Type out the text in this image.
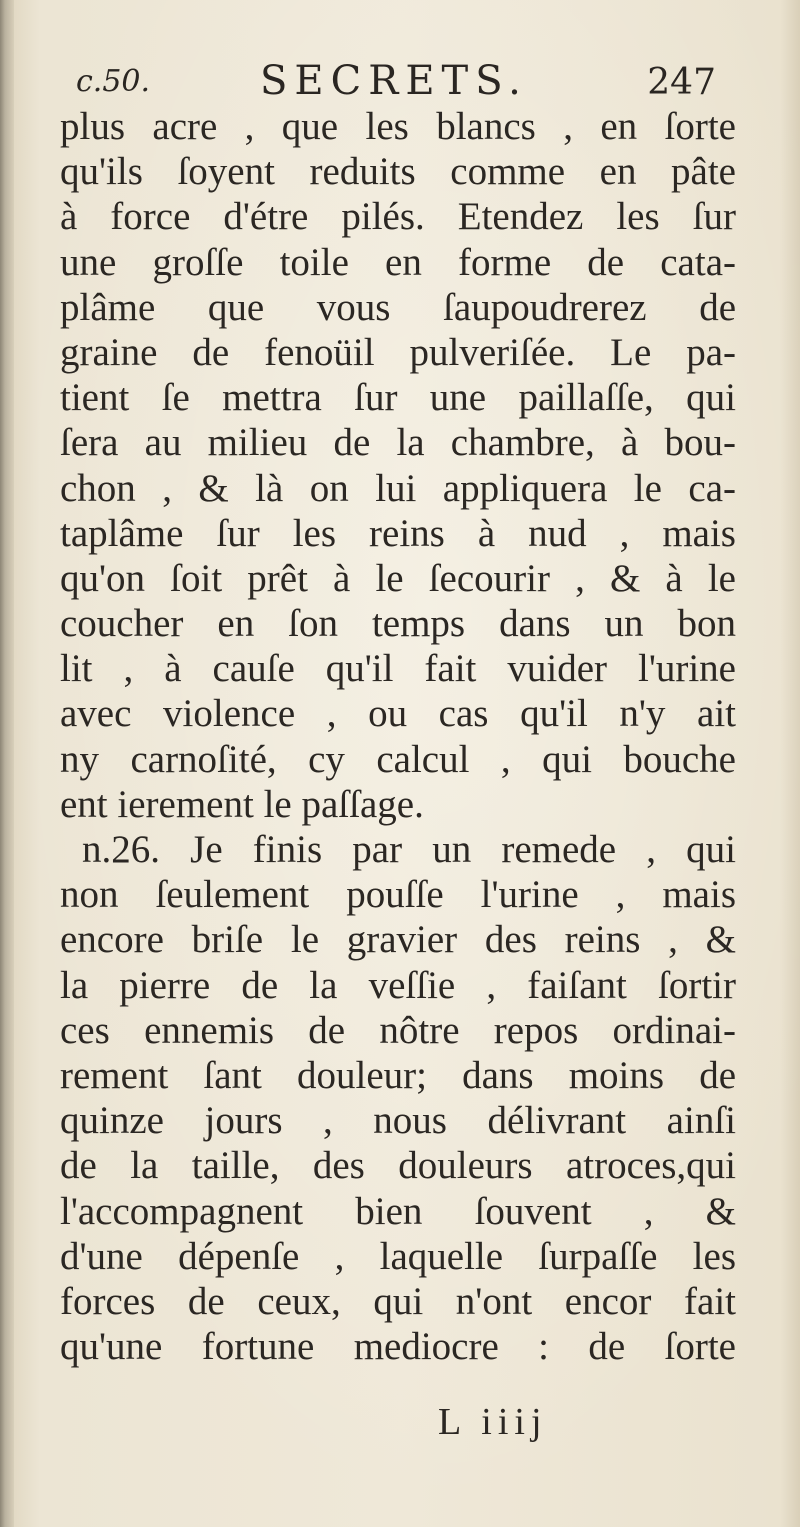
c.50.	SECRETS.	247
plus acre , que les blancs , en ſorte
qu'ils ſoyent reduits comme en pâte
à force d'étre pilés. Etendez les ſur
une groſſe toile en forme de cata-
plâme que vous ſaupoudrerez de
graine de fenoüil pulveriſée. Le pa-
tient ſe mettra ſur une paillaſſe, qui
ſera au milieu de la chambre, à bou-
chon , & là on lui appliquera le ca-
taplâme ſur les reins à nud , mais
qu'on ſoit prêt à le ſecourir , & à le
coucher en ſon temps dans un bon
lit , à cauſe qu'il fait vuider l'urine
avec violence , ou cas qu'il n'y ait
ny carnoſité, cy calcul , qui bouche
ent ierement le paſſage.
n.26. Je finis par un remede , qui
non ſeulement pouſſe l'urine , mais
encore briſe le gravier des reins , &
la pierre de la veſſie , faiſant ſortir
ces ennemis de nôtre repos ordinai-
rement ſant douleur; dans moins de
quinze jours , nous délivrant ainſi
de la taille, des douleurs atroces,qui
l'accompagnent bien ſouvent , &
d'une dépenſe , laquelle ſurpaſſe les
forces de ceux, qui n'ont encor fait
qu'une fortune mediocre : de ſorte
L iiij
